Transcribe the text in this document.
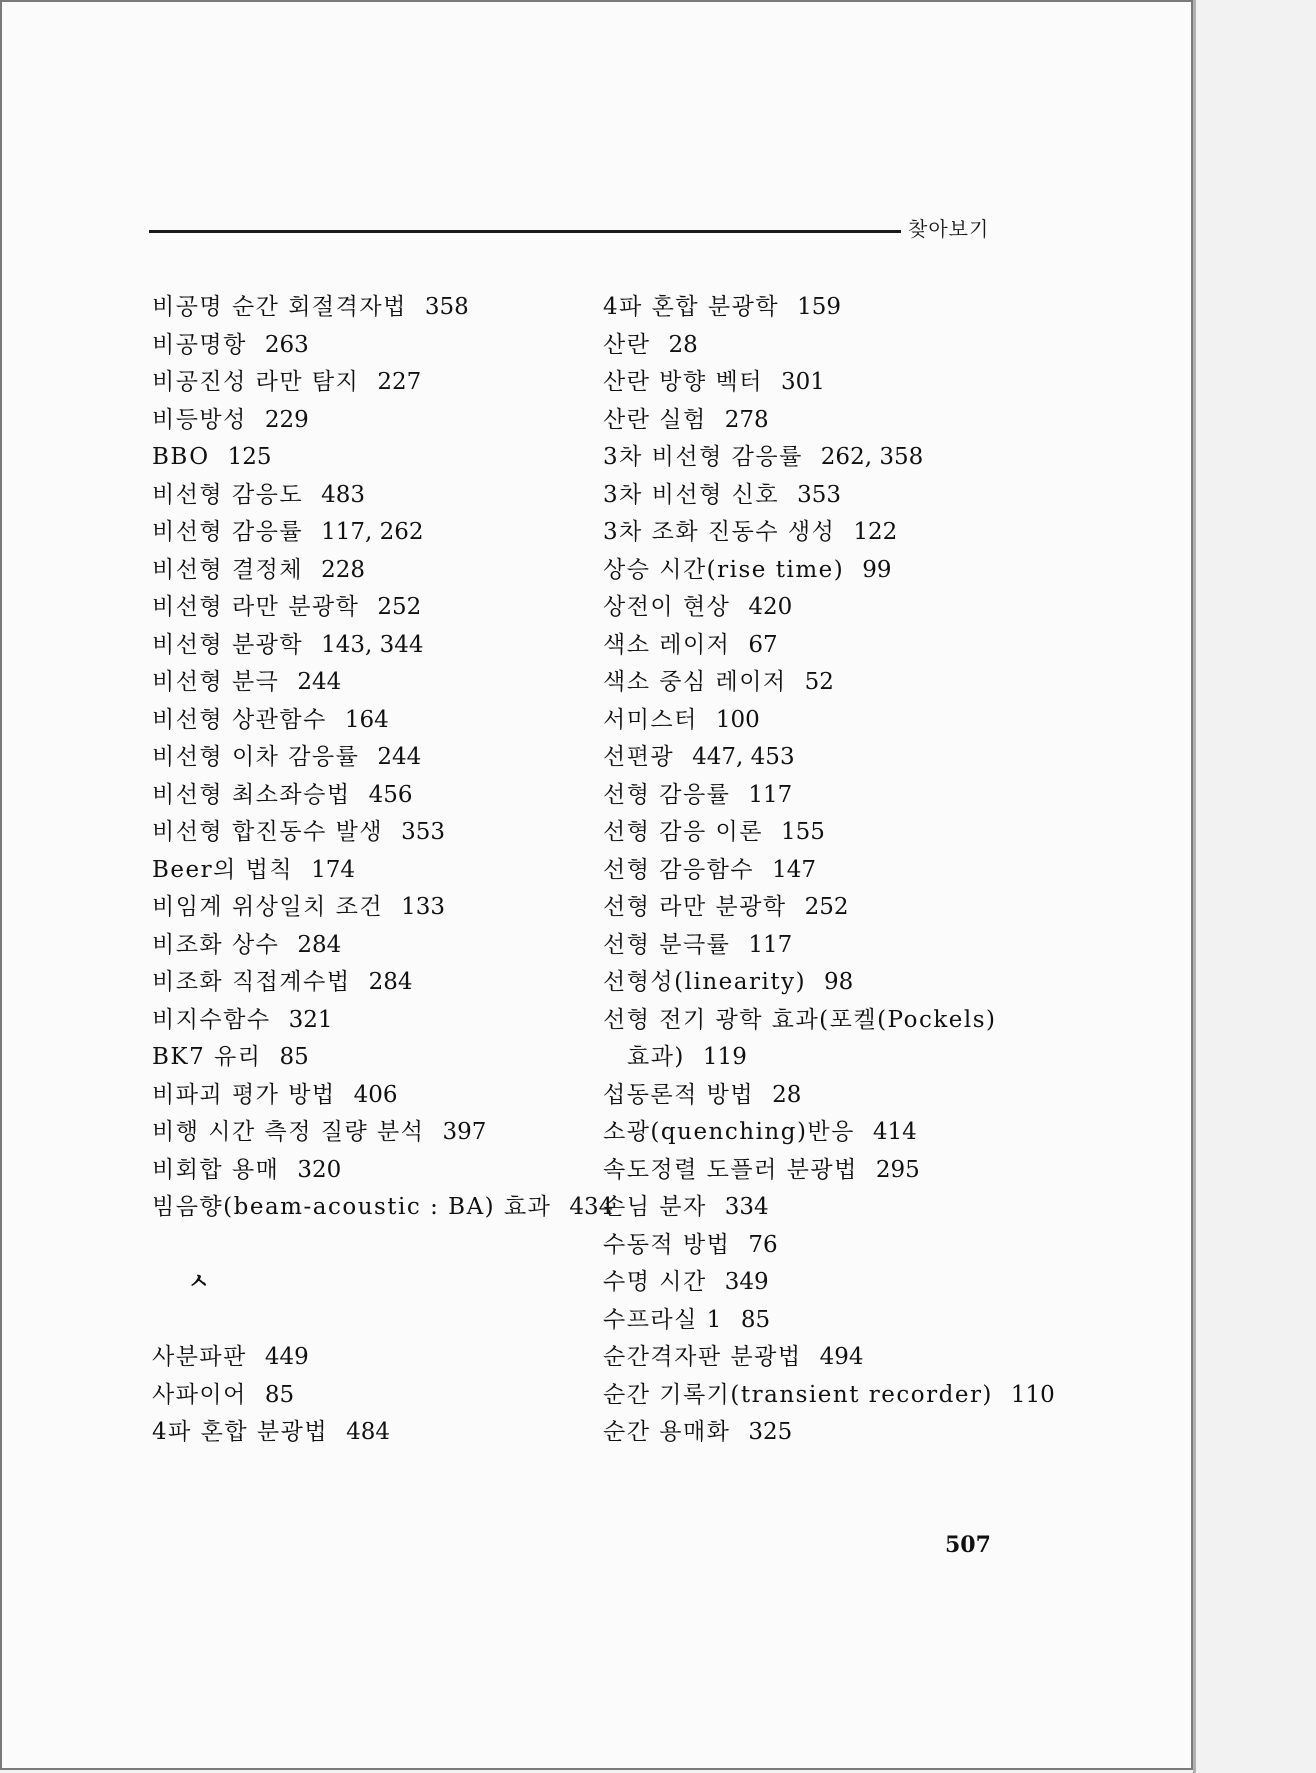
찾아보기
비공명 순간 회절격자법 358
비공명항 263
비공진성 라만 탐지 227
비등방성 229
BBO 125
비선형 감응도 483
비선형 감응률 117, 262
비선형 결정체 228
비선형 라만 분광학 252
비선형 분광학 143, 344
비선형 분극 244
비선형 상관함수 164
비선형 이차 감응률 244
비선형 최소좌승법 456
비선형 합진동수 발생 353
Beer의 법칙 174
비임계 위상일치 조건 133
비조화 상수 284
비조화 직접계수법 284
비지수함수 321
BK7 유리 85
비파괴 평가 방법 406
비행 시간 측정 질량 분석 397
비회합 용매 320
빔음향(beam-acoustic : BA) 효과 434
ㅅ
사분파판 449
사파이어 85
4파 혼합 분광법 484
4파 혼합 분광학 159
산란 28
산란 방향 벡터 301
산란 실험 278
3차 비선형 감응률 262, 358
3차 비선형 신호 353
3차 조화 진동수 생성 122
상승 시간(rise time) 99
상전이 현상 420
색소 레이저 67
색소 중심 레이저 52
서미스터 100
선편광 447, 453
선형 감응률 117
선형 감응 이론 155
선형 감응함수 147
선형 라만 분광학 252
선형 분극률 117
선형성(linearity) 98
선형 전기 광학 효과(포켈(Pockels)
효과) 119
섭동론적 방법 28
소광(quenching)반응 414
속도정렬 도플러 분광법 295
손님 분자 334
수동적 방법 76
수명 시간 349
수프라실 1 85
순간격자판 분광법 494
순간 기록기(transient recorder) 110
순간 용매화 325
507
